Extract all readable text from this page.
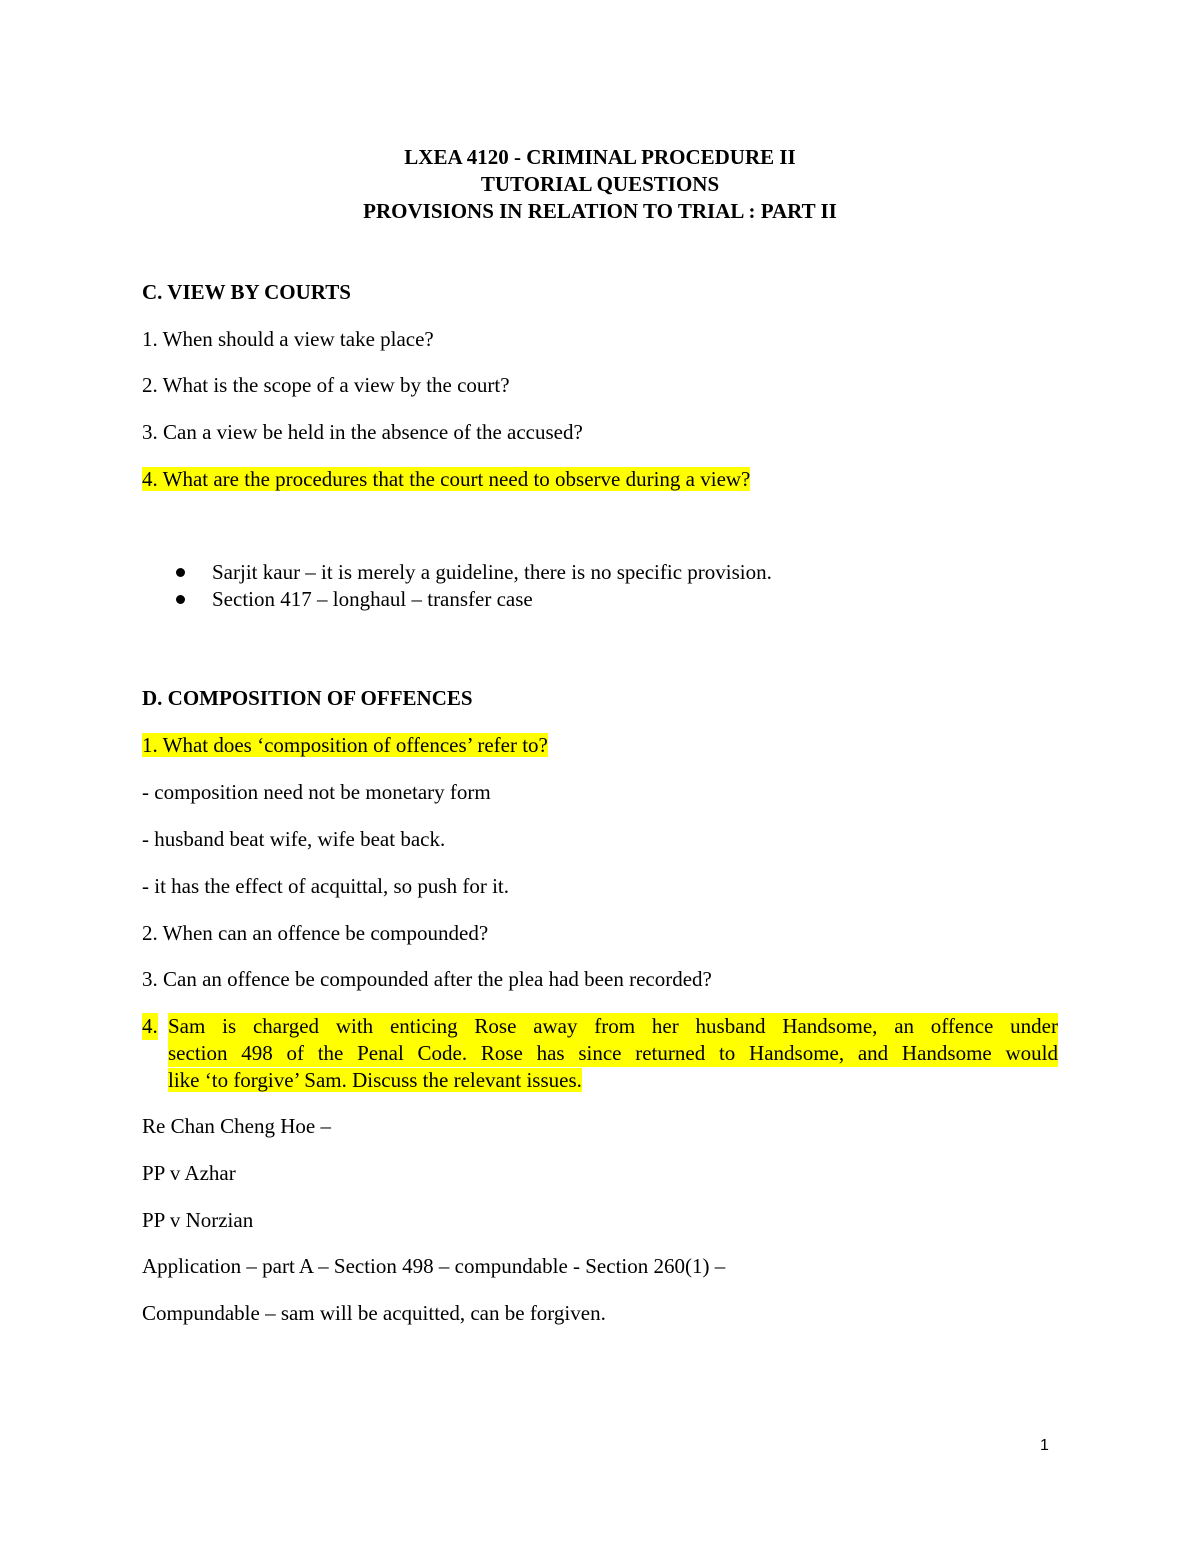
LXEA 4120 - CRIMINAL PROCEDURE II
TUTORIAL QUESTIONS
PROVISIONS IN RELATION TO TRIAL : PART II
C. VIEW BY COURTS
1. When should a view take place?
2. What is the scope of a view by the court?
3. Can a view be held in the absence of the accused?
4. What are the procedures that the court need to observe during a view?
Sarjit kaur – it is merely a guideline, there is no specific provision.
Section 417 – longhaul – transfer case
D. COMPOSITION OF OFFENCES
1. What does ‘composition of offences’ refer to?
- composition need not be monetary form
- husband beat wife, wife beat back.
- it has the effect of acquittal, so push for it.
2. When can an offence be compounded?
3. Can an offence be compounded after the plea had been recorded?
4. Sam is charged with enticing Rose away from her husband Handsome, an offence under
section 498 of the Penal Code. Rose has since returned to Handsome, and Handsome would
like ‘to forgive’ Sam. Discuss the relevant issues.
Re Chan Cheng Hoe –
PP v Azhar
PP v Norzian
Application – part A – Section 498 – compundable - Section 260(1) –
Compundable – sam will be acquitted, can be forgiven.
1
